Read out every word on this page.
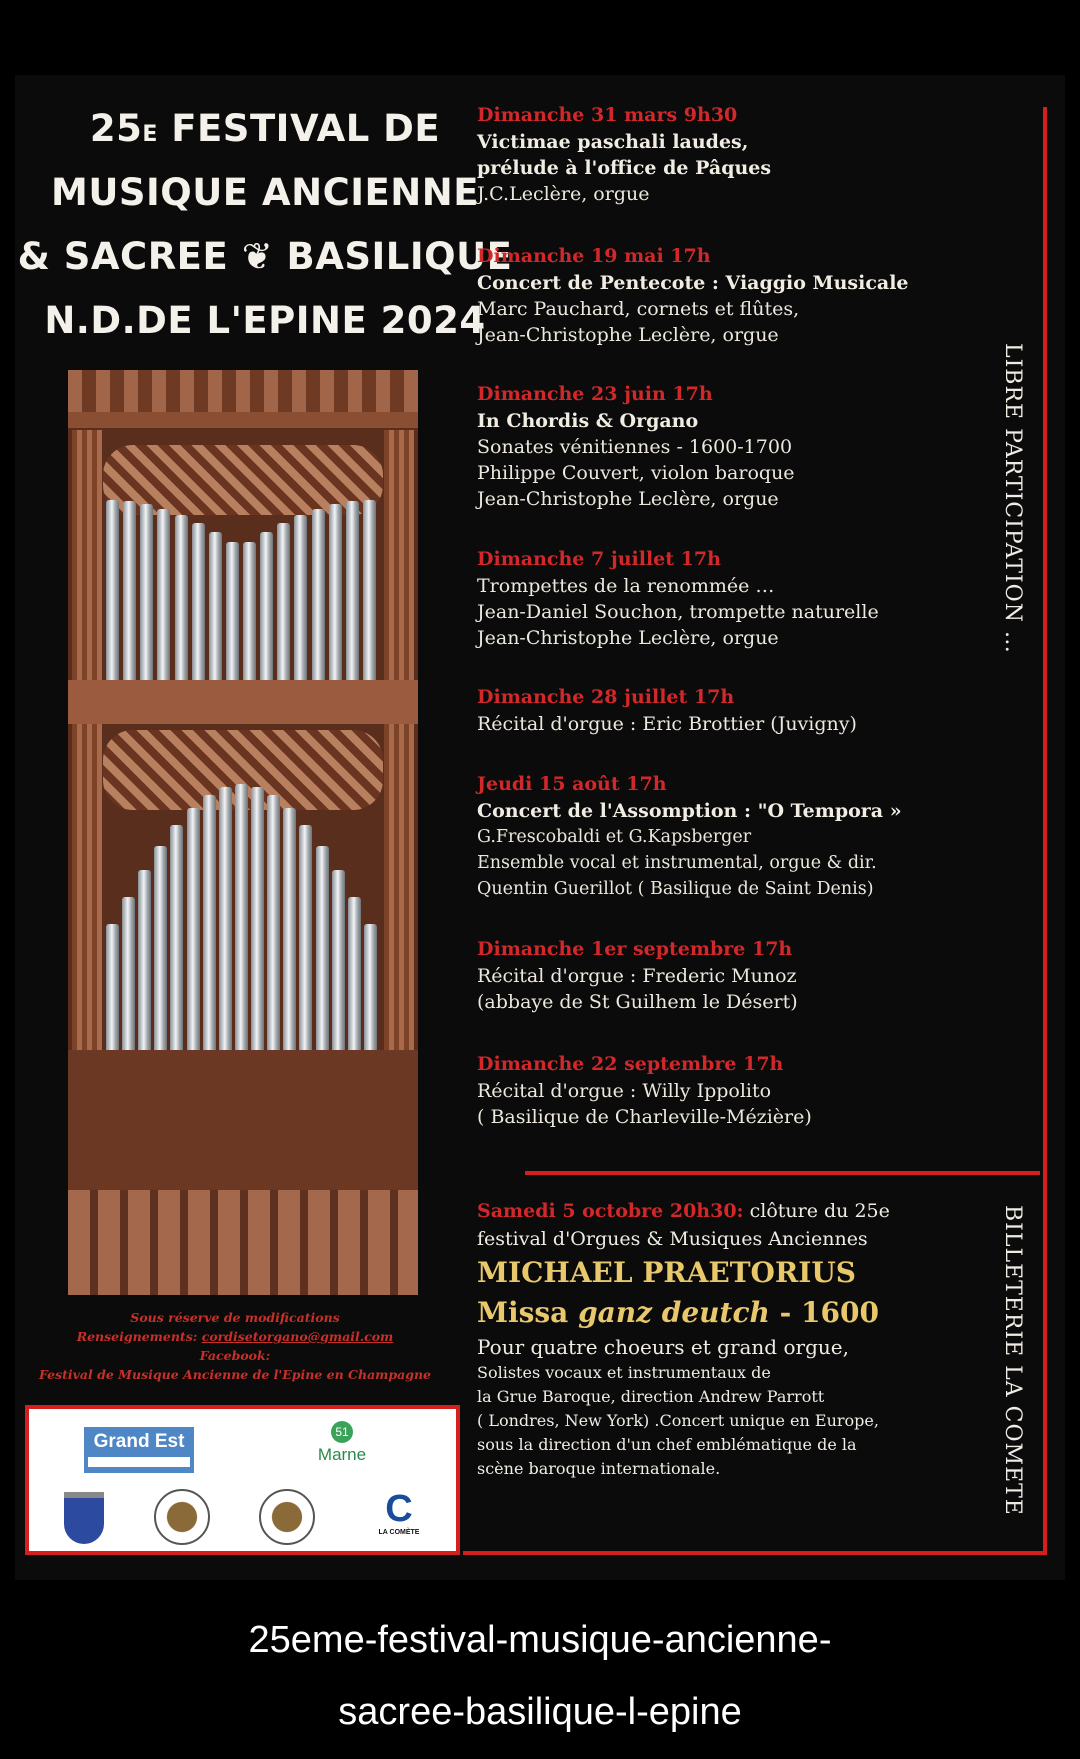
$25^E$ FESTIVAL DE
MUSIQUE ANCIENNE
& SACREE ❦ BASILIQUE
N.D.DE L'EPINE 2024
Sous réserve de modifications
Renseignements: cordisetorgano@gmail.com
Facebook:
Festival de Musique Ancienne de l'Epine en Champagne
Grand Est	51
Marne
C
LA COMÈTE
Dimanche 31 mars 9h30
Victimae paschali laudes,
prélude à l'office de Pâques
J.C.Leclère, orgue
Dimanche 19 mai 17h
Concert de Pentecote : Viaggio Musicale
Marc Pauchard, cornets et flûtes,
Jean-Christophe Leclère, orgue
Dimanche 23 juin 17h
In Chordis & Organo
Sonates vénitiennes - 1600-1700
Philippe Couvert, violon baroque
Jean-Christophe Leclère, orgue
Dimanche 7 juillet 17h
Trompettes de la renommée …
Jean-Daniel Souchon, trompette naturelle
Jean-Christophe Leclère, orgue
Dimanche 28 juillet 17h
Récital d'orgue : Eric Brottier (Juvigny)
Jeudi 15 août 17h
Concert de l'Assomption : "O Tempora »
G.Frescobaldi et G.Kapsberger
Ensemble vocal et instrumental, orgue & dir.
Quentin Guerillot ( Basilique de Saint Denis)
Dimanche 1er septembre 17h
Récital d'orgue : Frederic Munoz
(abbaye de St Guilhem le Désert)
Dimanche 22 septembre 17h
Récital d'orgue : Willy Ippolito
( Basilique de Charleville-Mézière)
Samedi 5 octobre 20h30: clôture du 25e
festival d'Orgues & Musiques Anciennes
MICHAEL PRAETORIUS
Missa ganz deutch - 1600
Pour quatre choeurs et grand orgue,
Solistes vocaux et instrumentaux de
la Grue Baroque, direction Andrew Parrott
( Londres, New York) .Concert unique en Europe,
sous la direction d'un chef emblématique de la
scène baroque internationale.
LIBRE PARTICIPATION …
BILLETERIE LA COMETE
25eme-festival-musique-ancienne-
sacree-basilique-l-epine
